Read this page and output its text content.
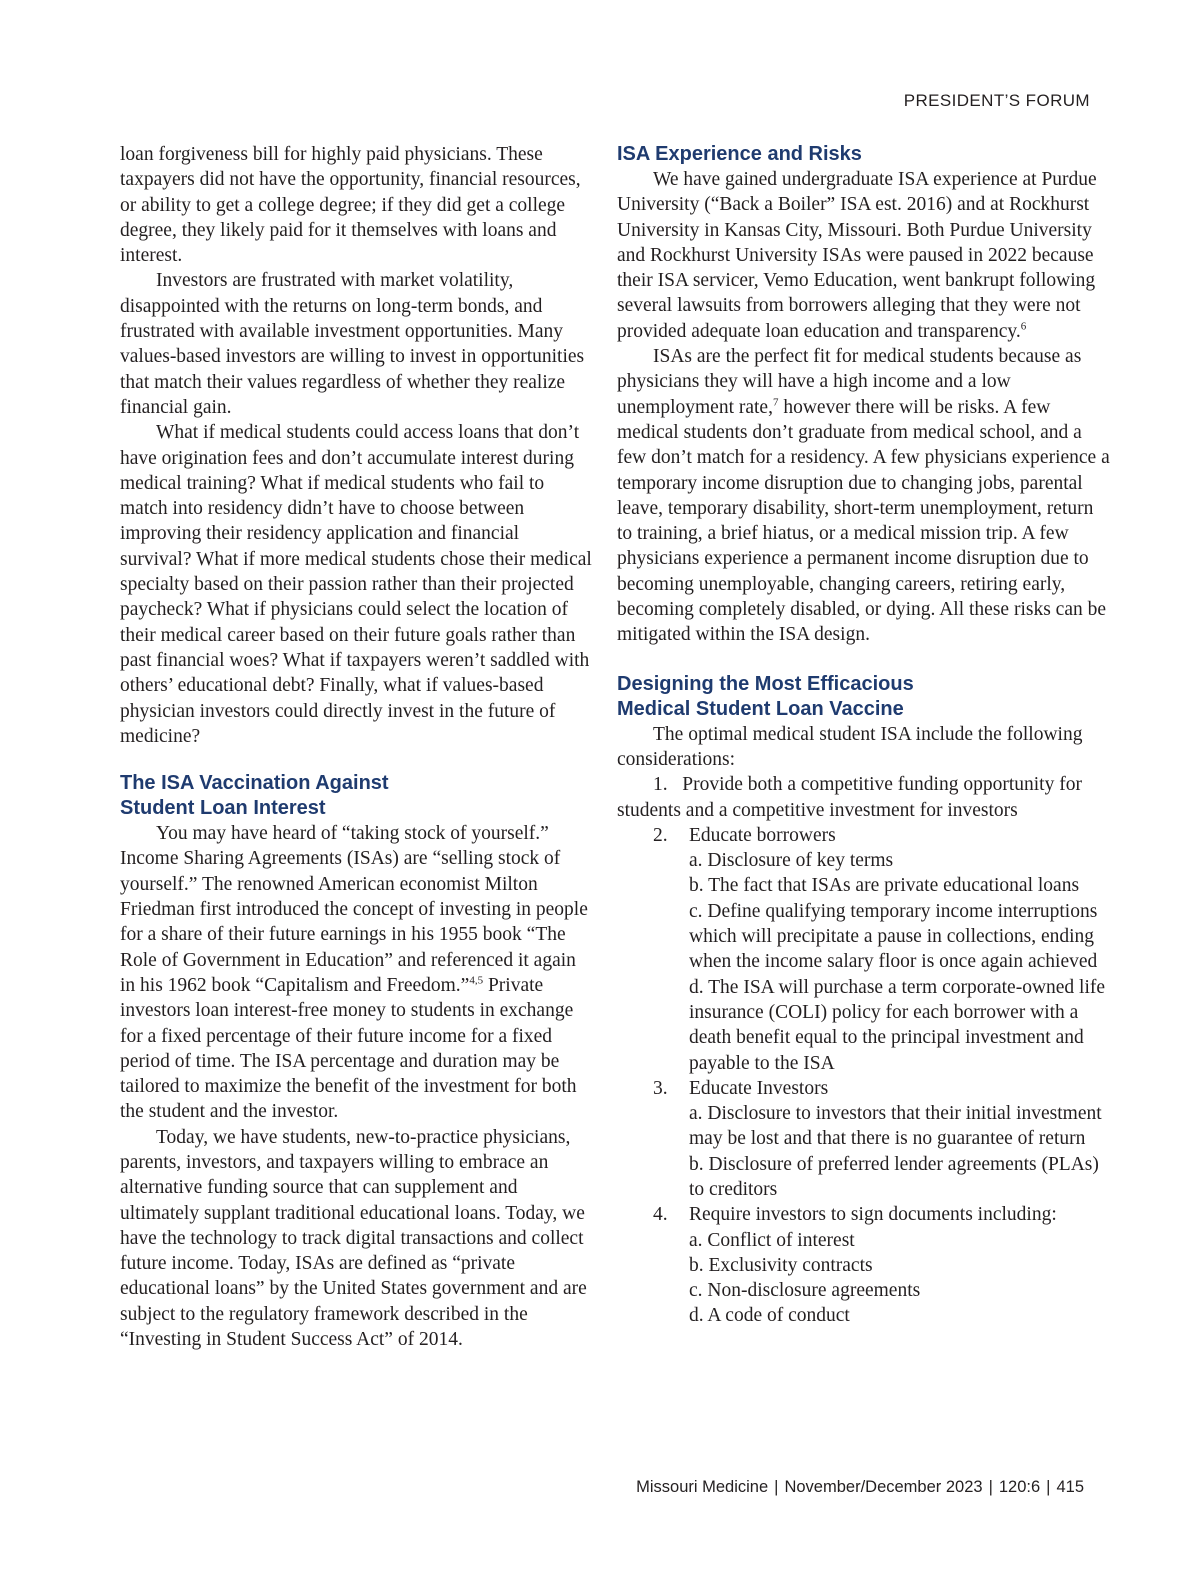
PRESIDENT’S FORUM

loan forgiveness bill for highly paid physicians. These taxpayers did not have the opportunity, financial resources, or ability to get a college degree; if they did get a college degree, they likely paid for it themselves with loans and interest.

Investors are frustrated with market volatility, disappointed with the returns on long-term bonds, and frustrated with available investment opportunities. Many values-based investors are willing to invest in opportunities that match their values regardless of whether they realize financial gain.

What if medical students could access loans that don’t have origination fees and don’t accumulate interest during medical training? What if medical students who fail to match into residency didn’t have to choose between improving their residency application and financial survival? What if more medical students chose their medical specialty based on their passion rather than their projected paycheck? What if physicians could select the location of their medical career based on their future goals rather than past financial woes? What if taxpayers weren’t saddled with others’ educational debt? Finally, what if values-based physician investors could directly invest in the future of medicine?

The ISA Vaccination Against
Student Loan Interest

You may have heard of “taking stock of yourself.” Income Sharing Agreements (ISAs) are “selling stock of yourself.” The renowned American economist Milton Friedman first introduced the concept of investing in people for a share of their future earnings in his 1955 book “The Role of Government in Education” and referenced it again in his 1962 book “Capitalism and Freedom.”$^{4,5}$ Private investors loan interest-free money to students in exchange for a fixed percentage of their future income for a fixed period of time. The ISA percentage and duration may be tailored to maximize the benefit of the investment for both the student and the investor.

Today, we have students, new-to-practice physicians, parents, investors, and taxpayers willing to embrace an alternative funding source that can supplement and ultimately supplant traditional educational loans. Today, we have the technology to track digital transactions and collect future income. Today, ISAs are defined as “private educational loans” by the United States government and are subject to the regulatory framework described in the “Investing in Student Success Act” of 2014.

ISA Experience and Risks

We have gained undergraduate ISA experience at Purdue University (“Back a Boiler” ISA est. 2016) and at Rockhurst University in Kansas City, Missouri. Both Purdue University and Rockhurst University ISAs were paused in 2022 because their ISA servicer, Vemo Education, went bankrupt following several lawsuits from borrowers alleging that they were not provided adequate loan education and transparency.$^6$

ISAs are the perfect fit for medical students because as physicians they will have a high income and a low unemployment rate,$^7$ however there will be risks. A few medical students don’t graduate from medical school, and a few don’t match for a residency. A few physicians experience a temporary income disruption due to changing jobs, parental leave, temporary disability, short-term unemployment, return to training, a brief hiatus, or a medical mission trip. A few physicians experience a permanent income disruption due to becoming unemployable, changing careers, retiring early, becoming completely disabled, or dying. All these risks can be mitigated within the ISA design.

Designing the Most Efficacious
Medical Student Loan Vaccine

The optimal medical student ISA include the following considerations:

1. Provide both a competitive funding opportunity for students and a competitive investment for investors

2. Educate borrowers

a. Disclosure of key terms

b. The fact that ISAs are private educational loans

c. Define qualifying temporary income interruptions which will precipitate a pause in collections, ending when the income salary floor is once again achieved

d. The ISA will purchase a term corporate-owned life insurance (COLI) policy for each borrower with a death benefit equal to the principal investment and payable to the ISA

3. Educate Investors

a. Disclosure to investors that their initial investment may be lost and that there is no guarantee of return

b. Disclosure of preferred lender agreements (PLAs) to creditors

4. Require investors to sign documents including:

a. Conflict of interest

b. Exclusivity contracts

c. Non-disclosure agreements

d. A code of conduct

Missouri Medicine | November/December 2023 | 120:6 | 415
